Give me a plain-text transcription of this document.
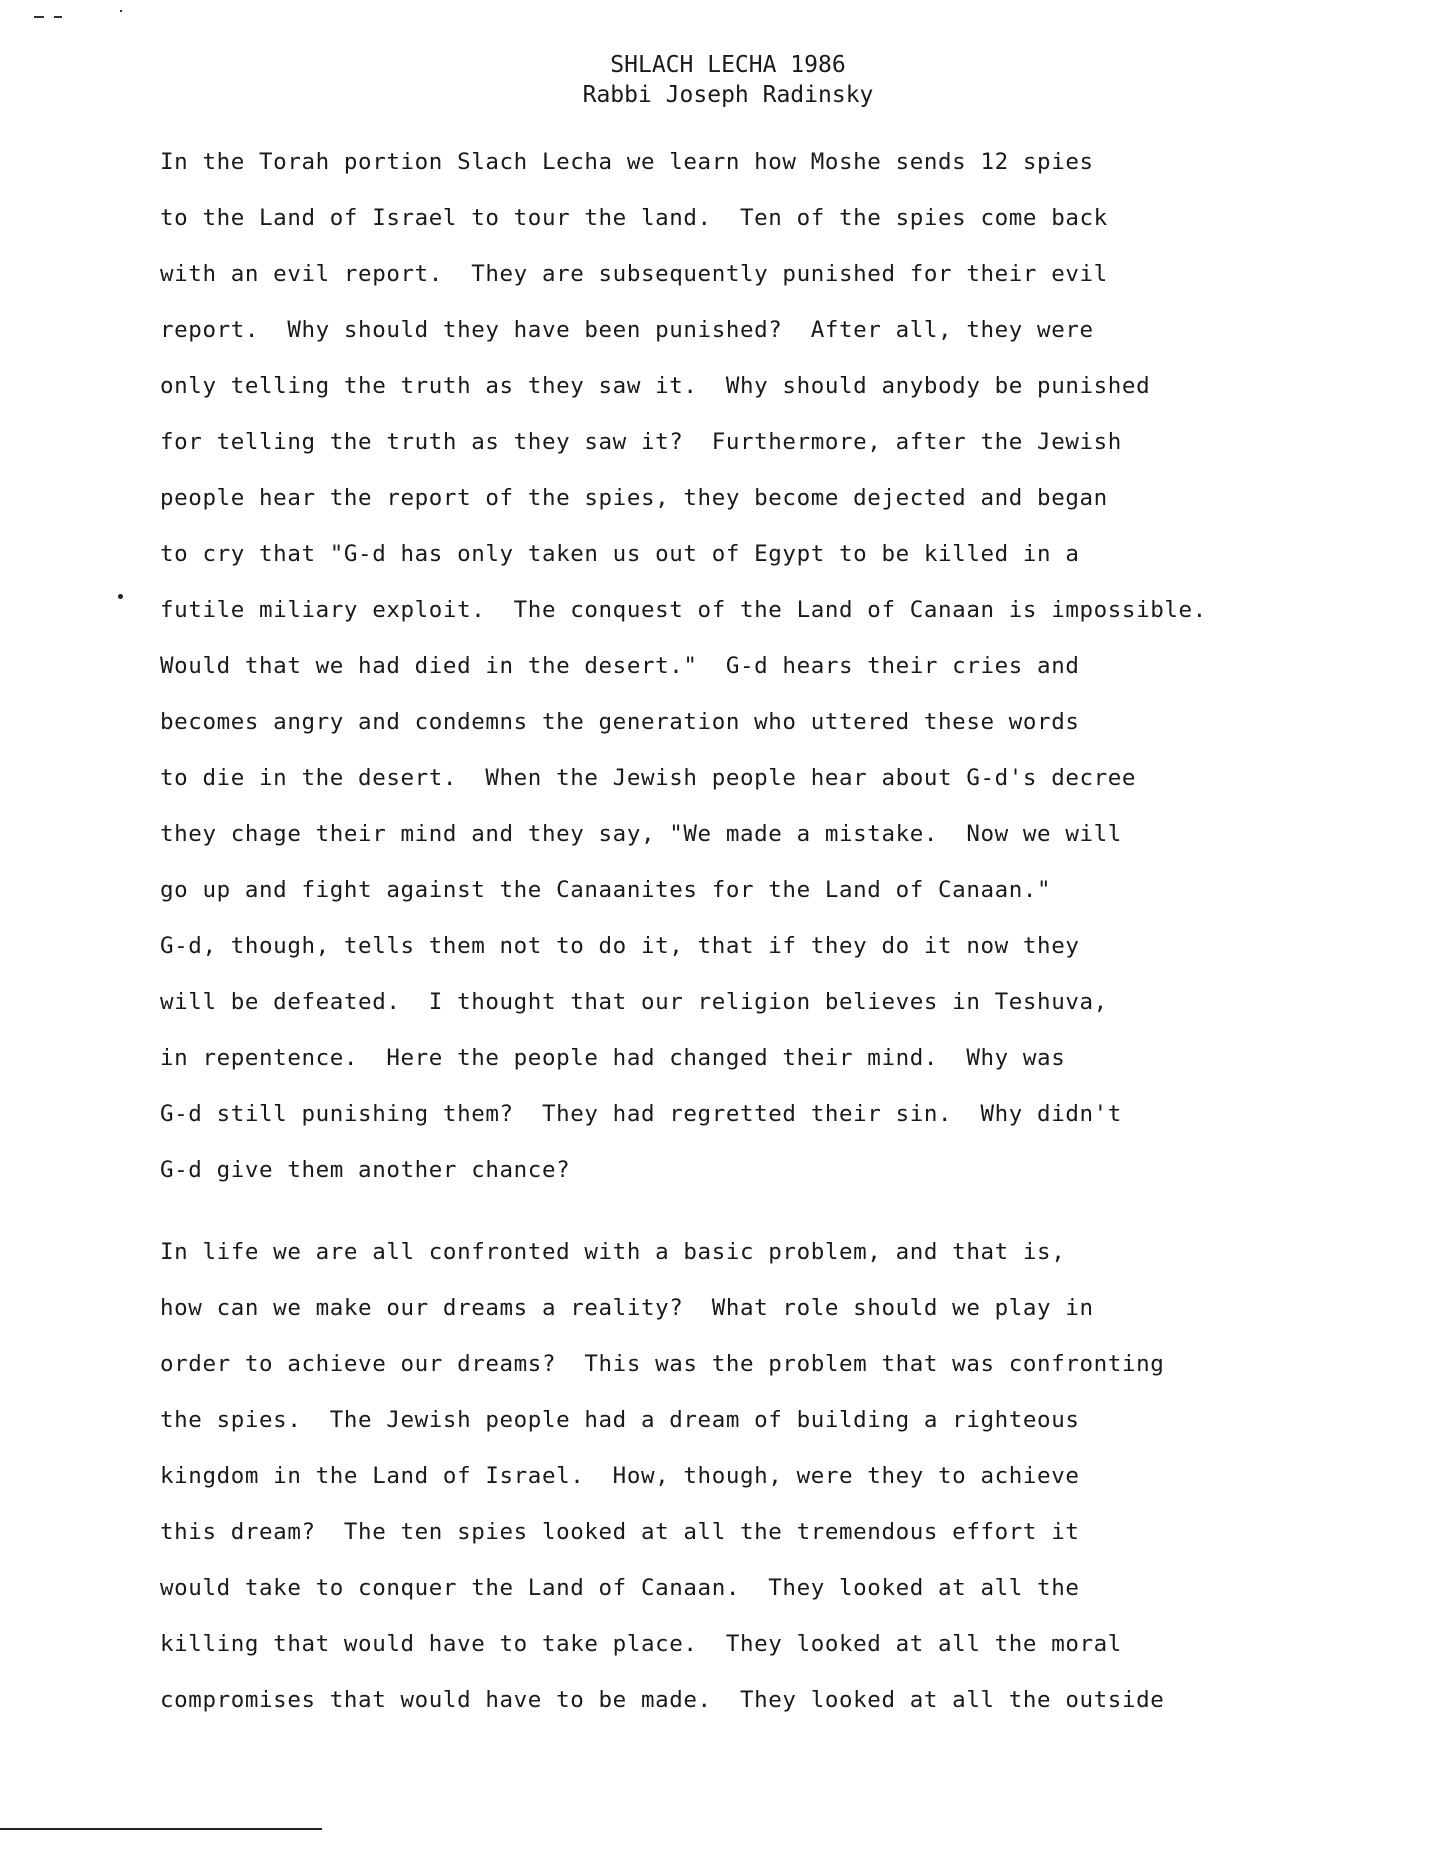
SHLACH LECHA 1986
Rabbi Joseph Radinsky
In the Torah portion Slach Lecha we learn how Moshe sends 12 spies
to the Land of Israel to tour the land.  Ten of the spies come back
with an evil report.  They are subsequently punished for their evil
report.  Why should they have been punished?  After all, they were
only telling the truth as they saw it.  Why should anybody be punished
for telling the truth as they saw it?  Furthermore, after the Jewish
people hear the report of the spies, they become dejected and began
to cry that "G-d has only taken us out of Egypt to be killed in a
futile miliary exploit.  The conquest of the Land of Canaan is impossible.
Would that we had died in the desert."  G-d hears their cries and
becomes angry and condemns the generation who uttered these words
to die in the desert.  When the Jewish people hear about G-d's decree
they chage their mind and they say, "We made a mistake.  Now we will
go up and fight against the Canaanites for the Land of Canaan."
G-d, though, tells them not to do it, that if they do it now they
will be defeated.  I thought that our religion believes in Teshuva,
in repentence.  Here the people had changed their mind.  Why was
G-d still punishing them?  They had regretted their sin.  Why didn't
G-d give them another chance?
In life we are all confronted with a basic problem, and that is,
how can we make our dreams a reality?  What role should we play in
order to achieve our dreams?  This was the problem that was confronting
the spies.  The Jewish people had a dream of building a righteous
kingdom in the Land of Israel.  How, though, were they to achieve
this dream?  The ten spies looked at all the tremendous effort it
would take to conquer the Land of Canaan.  They looked at all the
killing that would have to take place.  They looked at all the moral
compromises that would have to be made.  They looked at all the outside
